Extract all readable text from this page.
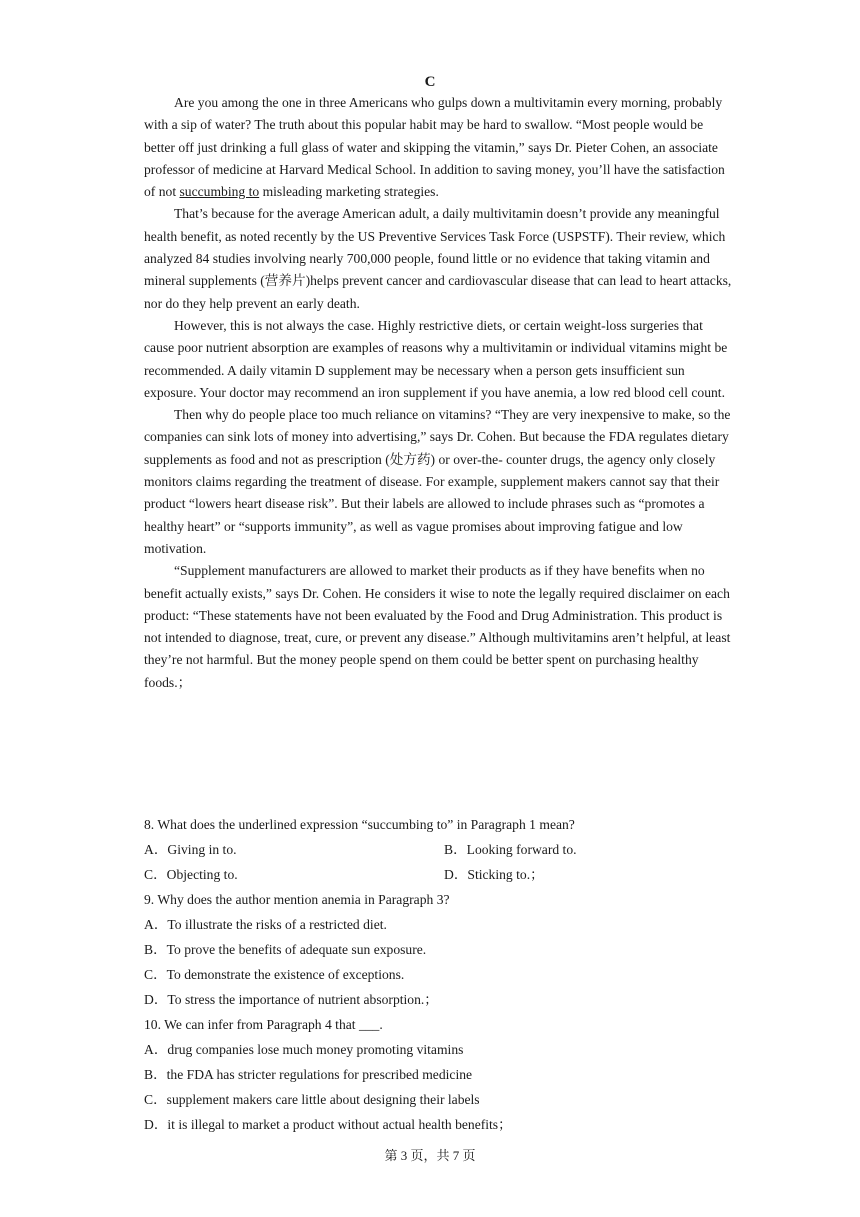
C

Are you among the one in three Americans who gulps down a multivitamin every morning, probably with a sip of water? The truth about this popular habit may be hard to swallow. “Most people would be better off just drinking a full glass of water and skipping the vitamin,” says Dr. Pieter Cohen, an associate professor of medicine at Harvard Medical School. In addition to saving money, you’ll have the satisfaction of not succumbing to misleading marketing strategies.

That’s because for the average American adult, a daily multivitamin doesn’t provide any meaningful health benefit, as noted recently by the US Preventive Services Task Force (USPSTF). Their review, which analyzed 84 studies involving nearly 700,000 people, found little or no evidence that taking vitamin and mineral supplements (营养片)helps prevent cancer and cardiovascular disease that can lead to heart attacks, nor do they help prevent an early death.

However, this is not always the case. Highly restrictive diets, or certain weight-loss surgeries that cause poor nutrient absorption are examples of reasons why a multivitamin or individual vitamins might be recommended. A daily vitamin D supplement may be necessary when a person gets insufficient sun exposure. Your doctor may recommend an iron supplement if you have anemia, a low red blood cell count.

Then why do people place too much reliance on vitamins? “They are very inexpensive to make, so the companies can sink lots of money into advertising,” says Dr. Cohen. But because the FDA regulates dietary supplements as food and not as prescription (处方药) or over-the- counter drugs, the agency only closely monitors claims regarding the treatment of disease. For example, supplement makers cannot say that their product “lowers heart disease risk”. But their labels are allowed to include phrases such as “promotes a healthy heart” or “supports immunity”, as well as vague promises about improving fatigue and low motivation.

“Supplement manufacturers are allowed to market their products as if they have benefits when no benefit actually exists,” says Dr. Cohen. He considers it wise to note the legally required disclaimer on each product: “These statements have not been evaluated by the Food and Drug Administration. This product is not intended to diagnose, treat, cure, or prevent any disease.” Although multivitamins aren’t helpful, at least they’re not harmful. But the money people spend on them could be better spent on purchasing healthy foods.；

8. What does the underlined expression “succumbing to” in Paragraph 1 mean?

A．Giving in to.	B．Looking forward to.

C．Objecting to.	D．Sticking to.；

9. Why does the author mention anemia in Paragraph 3?

A．To illustrate the risks of a restricted diet.

B．To prove the benefits of adequate sun exposure.

C．To demonstrate the existence of exceptions.

D．To stress the importance of nutrient absorption.；

10. We can infer from Paragraph 4 that ___.

A．drug companies lose much money promoting vitamins

B．the FDA has stricter regulations for prescribed medicine

C．supplement makers care little about designing their labels

D．it is illegal to market a product without actual health benefits；

第 3 页，共 7 页
